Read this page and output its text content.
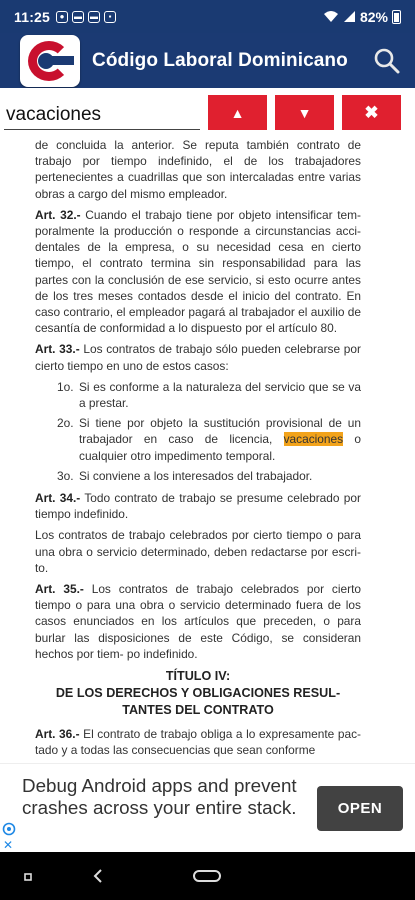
11:25	●	▬ ▬	▪	82%
Código Laboral Dominicano
vacaciones
▲	▼	✖

de concluida la anterior. Se reputa también contrato de trabajo por tiempo indefinido, el de los trabajadores pertenecientes a cuadrillas que son intercaladas entre varias obras a cargo del mismo empleador.

Art. 32.- Cuando el trabajo tiene por objeto intensificar tem- poralmente la producción o responde a circunstancias acci- dentales de la empresa, o su necesidad cesa en cierto tiempo, el contrato termina sin responsabilidad para las partes con la conclusión de ese servicio, si esto ocurre antes de los tres meses contados desde el inicio del contrato. En caso contrario, el empleador pagará al trabajador el auxilio de cesantía de conformidad a lo dispuesto por el artículo 80.

Art. 33.- Los contratos de trabajo sólo pueden celebrarse por cierto tiempo en uno de estos casos:

1o. Si es conforme a la naturaleza del servicio que se va a prestar.
2o. Si tiene por objeto la sustitución provisional de un trabajador en caso de licencia, vacaciones o cualquier otro impedimento temporal.
3o. Si conviene a los interesados del trabajador.

Art. 34.- Todo contrato de trabajo se presume celebrado por tiempo indefinido.

Los contratos de trabajo celebrados por cierto tiempo o para una obra o servicio determinado, deben redactarse por escri- to.

Art. 35.- Los contratos de trabajo celebrados por cierto tiempo o para una obra o servicio determinado fuera de los casos enunciados en los artículos que preceden, o para burlar las disposiciones de este Código, se consideran hechos por tiem- po indefinido.

TÍTULO IV:
DE LOS DERECHOS Y OBLIGACIONES RESUL-
TANTES DEL CONTRATO

Art. 36.- El contrato de trabajo obliga a lo expresamente pac- tado y a todas las consecuencias que sean conforme

Debug Android apps and prevent crashes across your entire stack.	OPEN
✕
